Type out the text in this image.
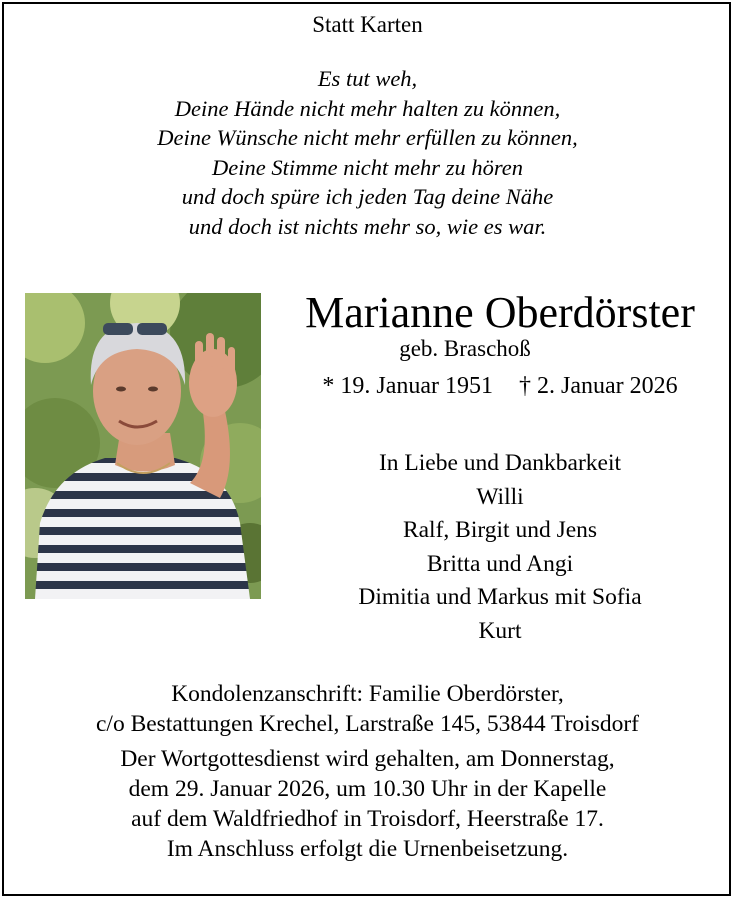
Statt Karten
Es tut weh,
Deine Hände nicht mehr halten zu können,
Deine Wünsche nicht mehr erfüllen zu können,
Deine Stimme nicht mehr zu hören
und doch spüre ich jeden Tag deine Nähe
und doch ist nichts mehr so, wie es war.
Marianne Oberdörster
geb. Braschoß
* 19. Januar 1951 † 2. Januar 2026
In Liebe und Dankbarkeit
Willi
Ralf, Birgit und Jens
Britta und Angi
Dimitia und Markus mit Sofia
Kurt
Kondolenzanschrift: Familie Oberdörster,
c/o Bestattungen Krechel, Larstraße 145, 53844 Troisdorf
Der Wortgottesdienst wird gehalten, am Donnerstag,
dem 29. Januar 2026, um 10.30 Uhr in der Kapelle
auf dem Waldfriedhof in Troisdorf, Heerstraße 17.
Im Anschluss erfolgt die Urnenbeisetzung.
